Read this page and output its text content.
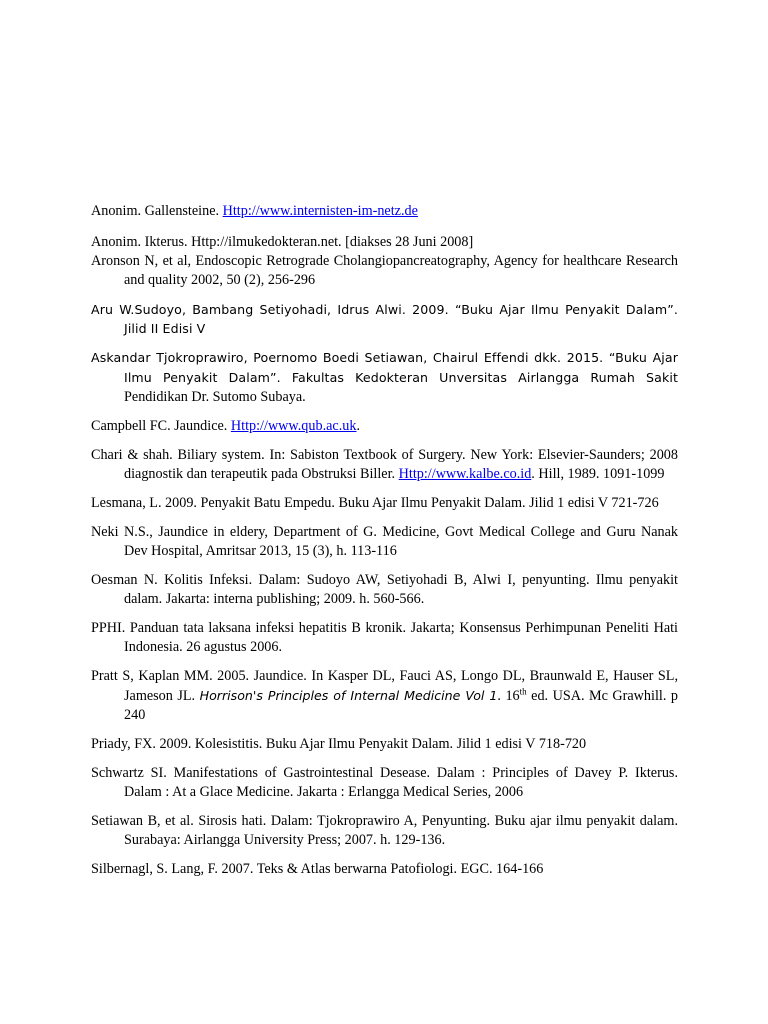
Anonim. Gallensteine. Http://www.internisten-im-netz.de

Anonim. Ikterus. Http://ilmukedokteran.net. [diakses 28 Juni 2008]

Aronson N, et al, Endoscopic Retrograde Cholangiopancreatography, Agency for healthcare Research and quality 2002, 50 (2), 256-296

Aru W.Sudoyo, Bambang Setiyohadi, Idrus Alwi. 2009. “Buku Ajar Ilmu Penyakit Dalam”. Jilid II Edisi V

Askandar Tjokroprawiro, Poernomo Boedi Setiawan, Chairul Effendi dkk. 2015. “Buku Ajar Ilmu Penyakit Dalam”. Fakultas Kedokteran Unversitas Airlangga Rumah Sakit Pendidikan Dr. Sutomo Subaya.

Campbell FC. Jaundice. Http://www.qub.ac.uk.

Chari & shah. Biliary system. In: Sabiston Textbook of Surgery. New York: Elsevier-Saunders; 2008 diagnostik dan terapeutik pada Obstruksi Biller. Http://www.kalbe.co.id. Hill, 1989. 1091-1099

Lesmana, L. 2009. Penyakit Batu Empedu. Buku Ajar Ilmu Penyakit Dalam. Jilid 1 edisi V 721-726

Neki N.S., Jaundice in eldery, Department of G. Medicine, Govt Medical College and Guru Nanak Dev Hospital, Amritsar 2013, 15 (3), h. 113-116

Oesman N. Kolitis Infeksi. Dalam: Sudoyo AW, Setiyohadi B, Alwi I, penyunting. Ilmu penyakit dalam. Jakarta: interna publishing; 2009. h. 560-566.

PPHI. Panduan tata laksana infeksi hepatitis B kronik. Jakarta; Konsensus Perhimpunan Peneliti Hati Indonesia. 26 agustus 2006.

Pratt S, Kaplan MM. 2005. Jaundice. In Kasper DL, Fauci AS, Longo DL, Braunwald E, Hauser SL, Jameson JL. Horrison's Principles of Internal Medicine Vol 1. 16th ed. USA. Mc Grawhill. p 240

Priady, FX. 2009. Kolesistitis. Buku Ajar Ilmu Penyakit Dalam. Jilid 1 edisi V 718-720

Schwartz SI. Manifestations of Gastrointestinal Desease. Dalam : Principles of Davey P. Ikterus. Dalam : At a Glace Medicine. Jakarta : Erlangga Medical Series, 2006

Setiawan B, et al. Sirosis hati. Dalam: Tjokroprawiro A, Penyunting. Buku ajar ilmu penyakit dalam. Surabaya: Airlangga University Press; 2007. h. 129-136.

Silbernagl, S. Lang, F. 2007. Teks & Atlas berwarna Patofiologi. EGC. 164-166
